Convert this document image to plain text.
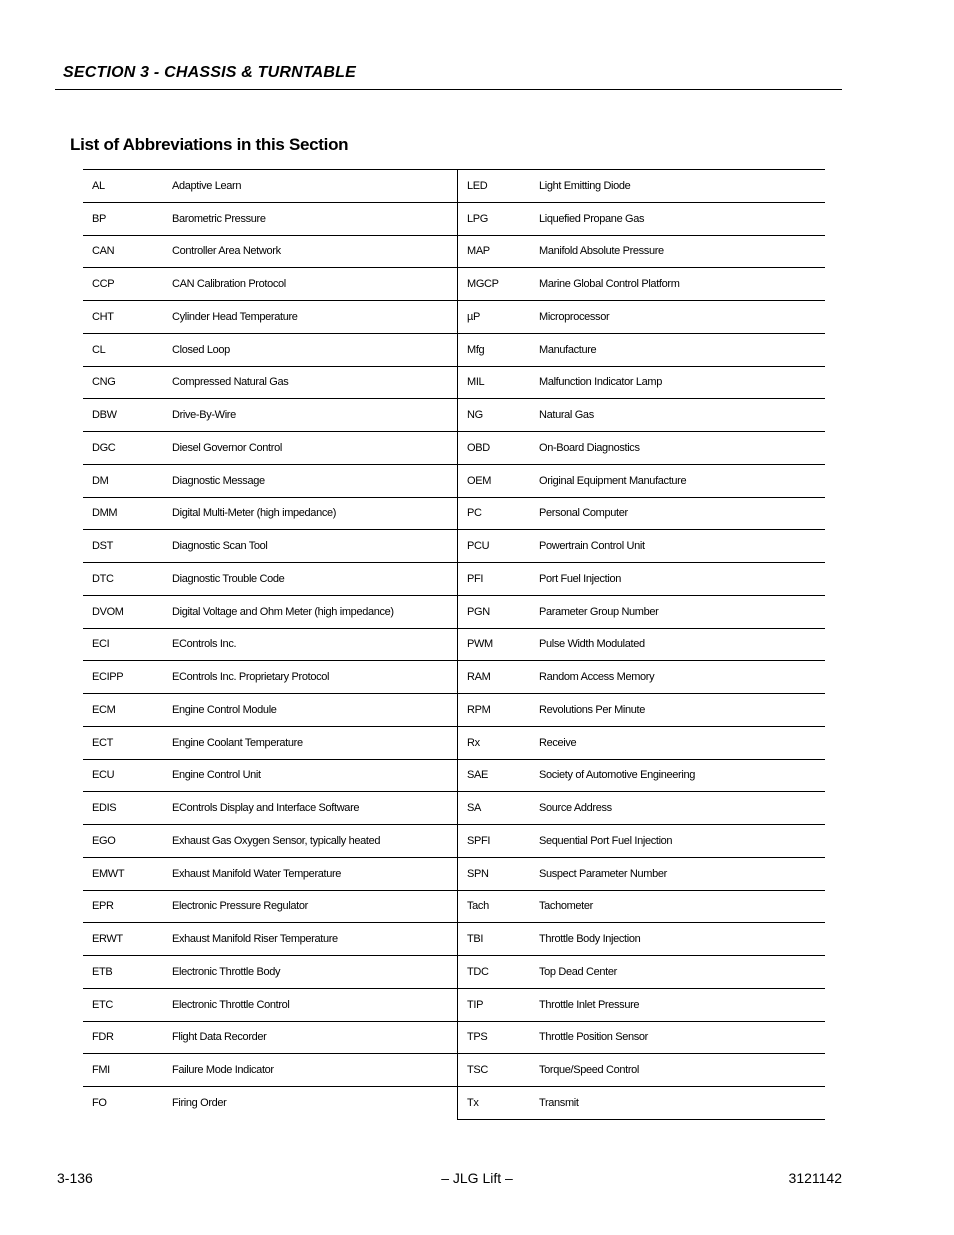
SECTION 3 - CHASSIS & TURNTABLE
List of Abbreviations in this Section
AL	Adaptive Learn	LED	Light Emitting Diode
BP	Barometric Pressure	LPG	Liquefied Propane Gas
CAN	Controller Area Network	MAP	Manifold Absolute Pressure
CCP	CAN Calibration Protocol	MGCP	Marine Global Control Platform
CHT	Cylinder Head Temperature	µP	Microprocessor
CL	Closed Loop	Mfg	Manufacture
CNG	Compressed Natural Gas	MIL	Malfunction Indicator Lamp
DBW	Drive-By-Wire	NG	Natural Gas
DGC	Diesel Governor Control	OBD	On-Board Diagnostics
DM	Diagnostic Message	OEM	Original Equipment Manufacture
DMM	Digital Multi-Meter (high impedance)	PC	Personal Computer
DST	Diagnostic Scan Tool	PCU	Powertrain Control Unit
DTC	Diagnostic Trouble Code	PFI	Port Fuel Injection
DVOM	Digital Voltage and Ohm Meter (high impedance)	PGN	Parameter Group Number
ECI	EControls Inc.	PWM	Pulse Width Modulated
ECIPP	EControls Inc. Proprietary Protocol	RAM	Random Access Memory
ECM	Engine Control Module	RPM	Revolutions Per Minute
ECT	Engine Coolant Temperature	Rx	Receive
ECU	Engine Control Unit	SAE	Society of Automotive Engineering
EDIS	EControls Display and Interface Software	SA	Source Address
EGO	Exhaust Gas Oxygen Sensor, typically heated	SPFI	Sequential Port Fuel Injection
EMWT	Exhaust Manifold Water Temperature	SPN	Suspect Parameter Number
EPR	Electronic Pressure Regulator	Tach	Tachometer
ERWT	Exhaust Manifold Riser Temperature	TBI	Throttle Body Injection
ETB	Electronic Throttle Body	TDC	Top Dead Center
ETC	Electronic Throttle Control	TIP	Throttle Inlet Pressure
FDR	Flight Data Recorder	TPS	Throttle Position Sensor
FMI	Failure Mode Indicator	TSC	Torque/Speed Control
FO	Firing Order	Tx	Transmit
3-136	– JLG Lift –	3121142
